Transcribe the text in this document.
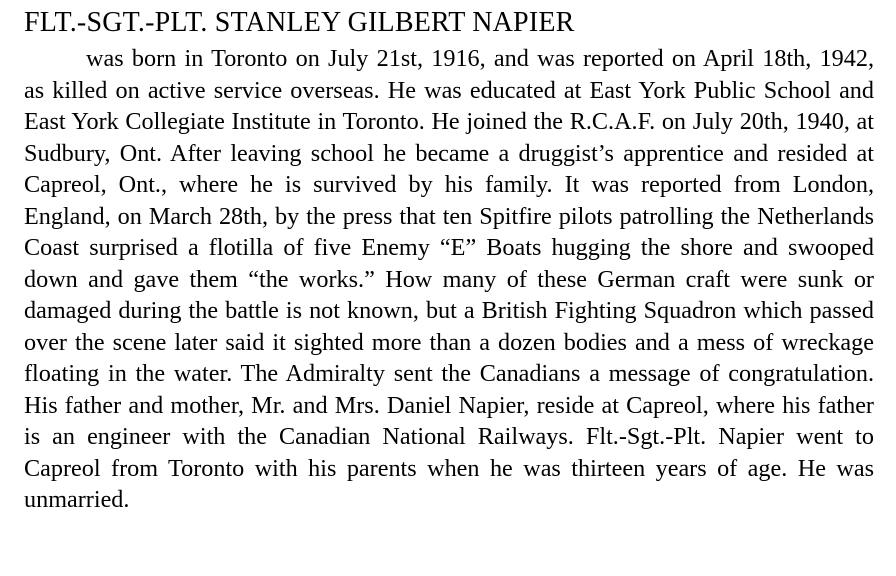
FLT.-SGT.-PLT. STANLEY GILBERT NAPIER

was born in Toronto on July 21st, 1916, and was reported on April 18th, 1942, as killed on active service overseas. He was educated at East York Public School and East York Collegiate Institute in Toronto. He joined the R.C.A.F. on July 20th, 1940, at Sudbury, Ont. After leaving school he became a druggist’s apprentice and resided at Capreol, Ont., where he is survived by his family. It was reported from London, England, on March 28th, by the press that ten Spitfire pilots patrolling the Netherlands Coast surprised a flotilla of five Enemy “E” Boats hugging the shore and swooped down and gave them “the works.” How many of these German craft were sunk or damaged during the battle is not known, but a British Fighting Squadron which passed over the scene later said it sighted more than a dozen bodies and a mess of wreckage floating in the water. The Admiralty sent the Canadians a message of congratulation. His father and mother, Mr. and Mrs. Daniel Napier, reside at Capreol, where his father is an engineer with the Canadian National Railways. Flt.-Sgt.-Plt. Napier went to Capreol from Toronto with his parents when he was thirteen years of age. He was unmarried.
